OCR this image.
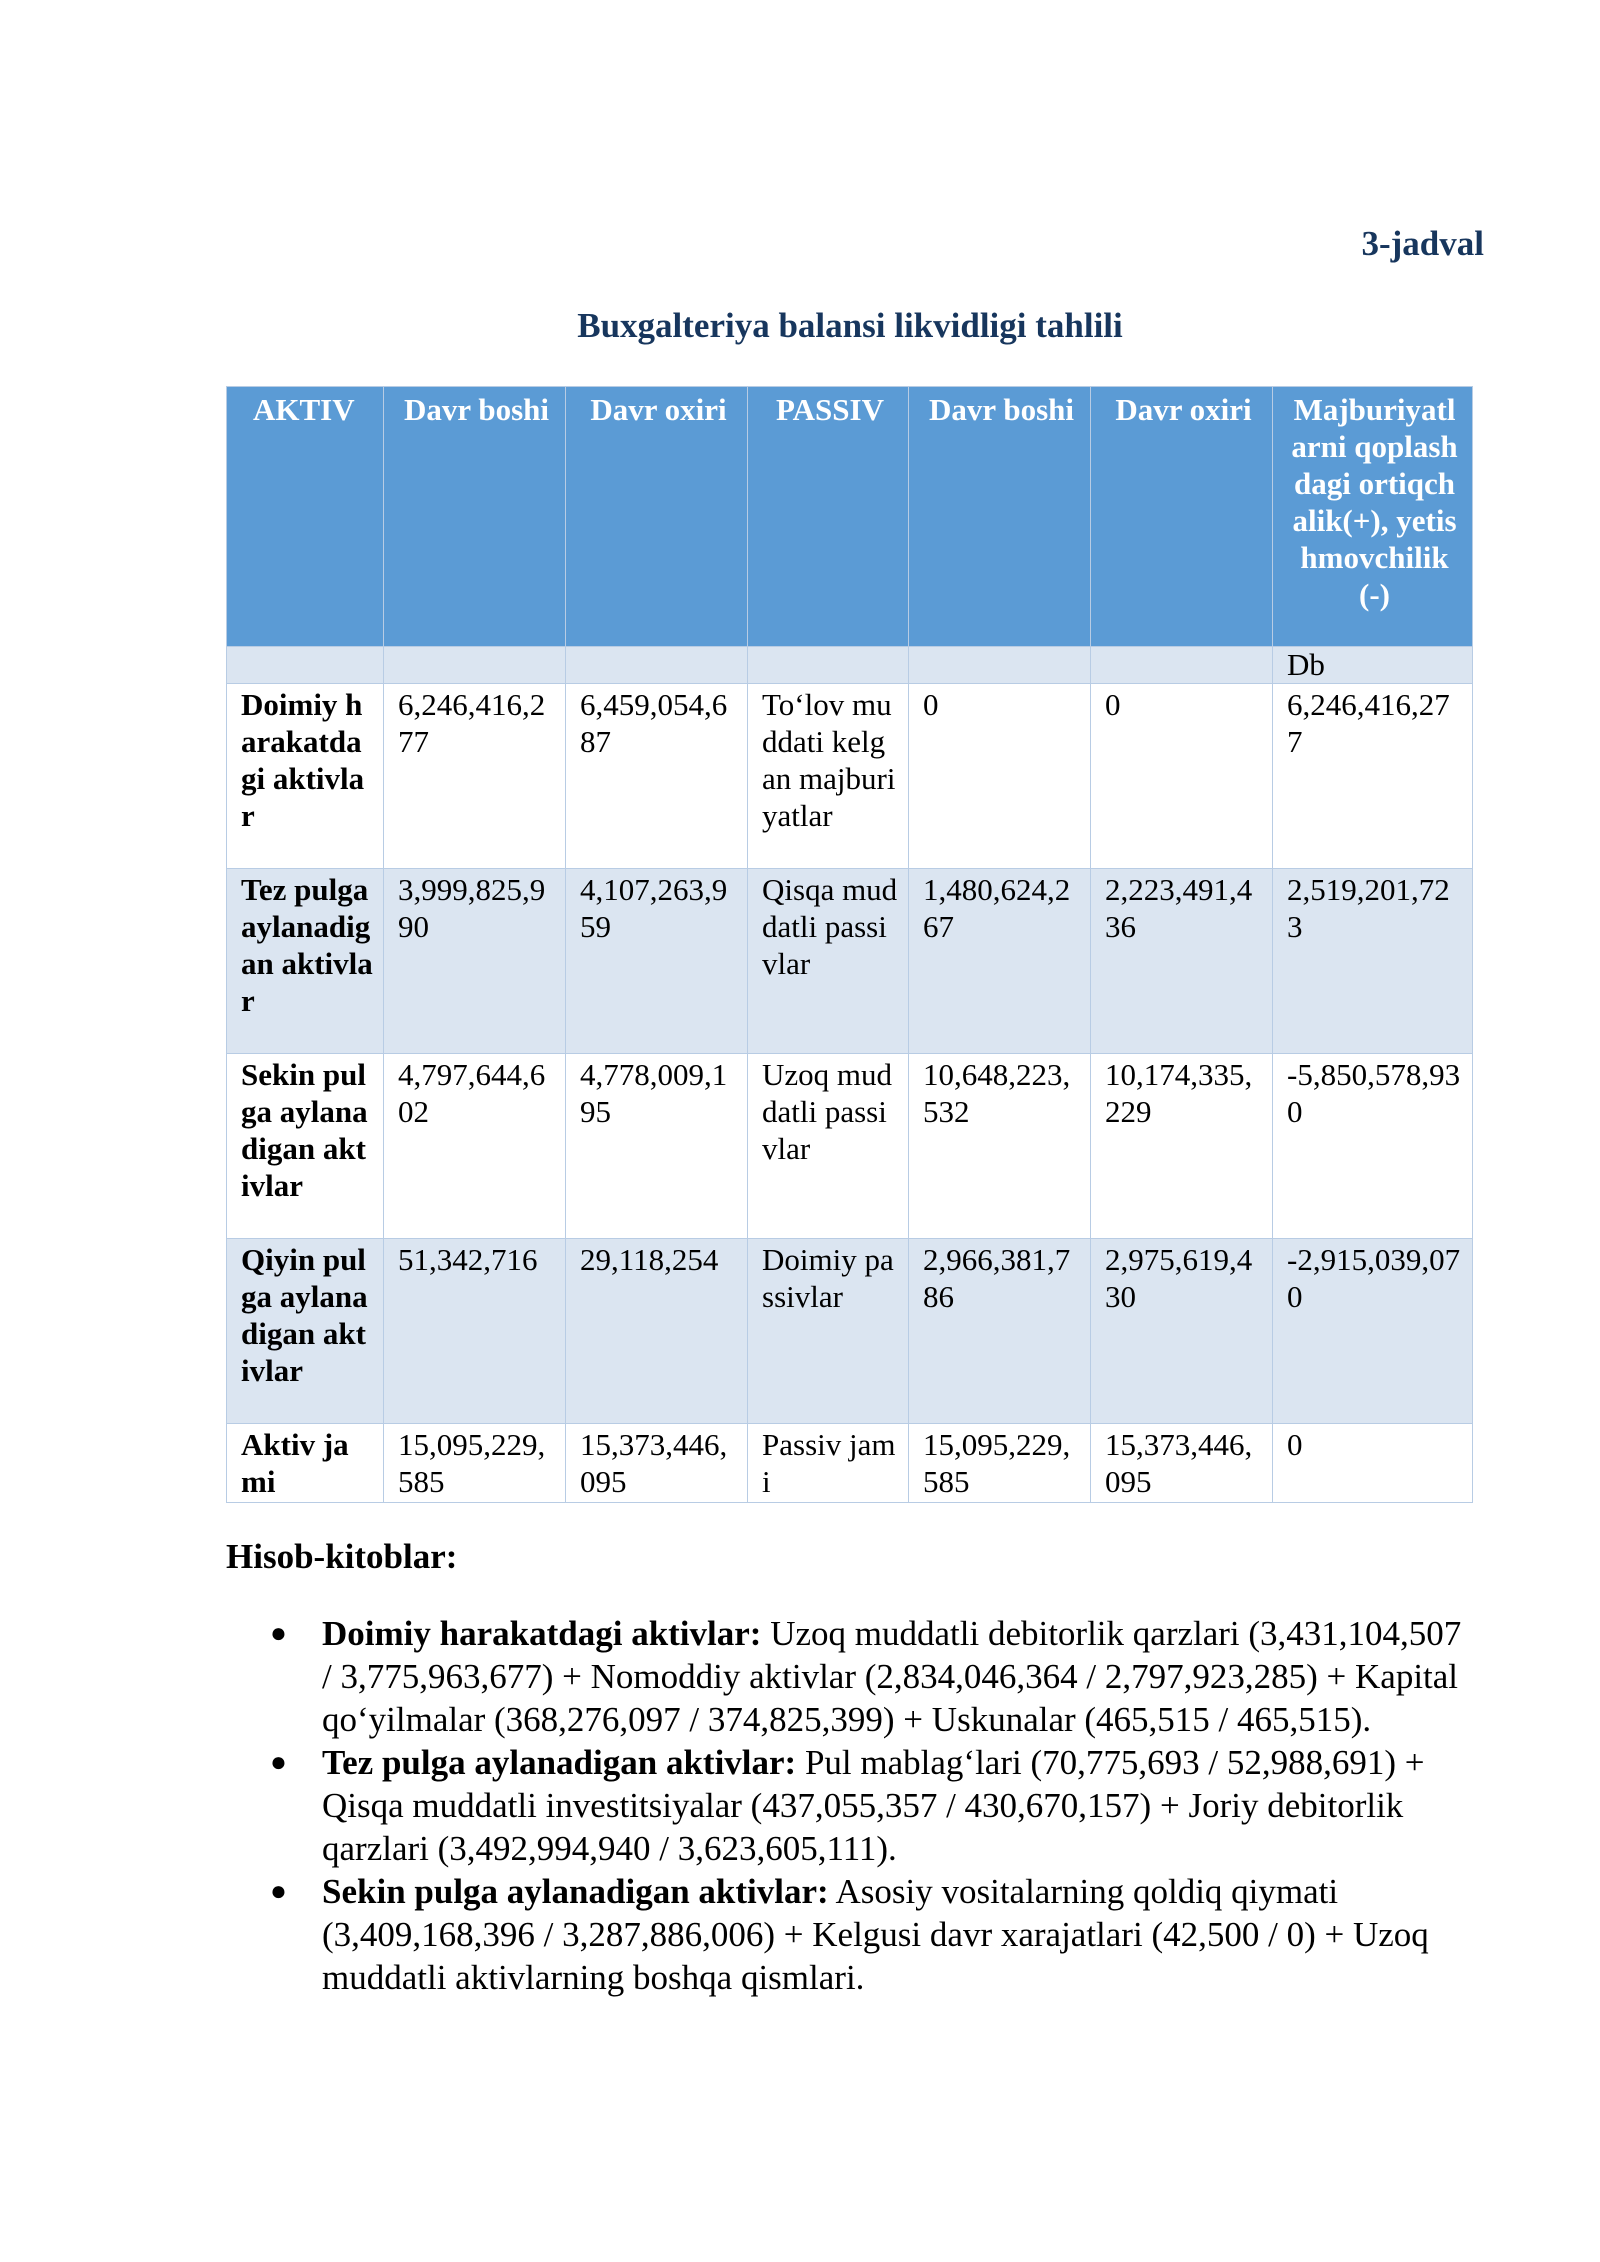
3-jadval
Buxgalteriya balansi likvidligi tahlili
AKTIV	Davr boshi	Davr oxiri	PASSIV	Davr boshi	Davr oxiri	Majburiyatlarni qoplashdagi ortiqchalik(+), yetishmovchilik (-)
						Db
Doimiy harakatdagi aktivlar	6,246,416,277	6,459,054,687	To‘lov muddati kelgan majburiyatlar	0	0	6,246,416,277
Tez pulga aylanadigan aktivlar	3,999,825,990	4,107,263,959	Qisqa muddatli passivlar	1,480,624,267	2,223,491,436	2,519,201,723
Sekin pulga aylanadigan aktivlar	4,797,644,602	4,778,009,195	Uzoq muddatli passivlar	10,648,223,532	10,174,335,229	-5,850,578,930
Qiyin pulga aylanadigan aktivlar	51,342,716	29,118,254	Doimiy passivlar	2,966,381,786	2,975,619,430	-2,915,039,070
Aktiv jami	15,095,229,585	15,373,446,095	Passiv jami	15,095,229,585	15,373,446,095	0
Hisob-kitoblar:
● Doimiy harakatdagi aktivlar: Uzoq muddatli debitorlik qarzlari (3,431,104,507 / 3,775,963,677) + Nomoddiy aktivlar (2,834,046,364 / 2,797,923,285) + Kapital qo‘yilmalar (368,276,097 / 374,825,399) + Uskunalar (465,515 / 465,515).
● Tez pulga aylanadigan aktivlar: Pul mablag‘lari (70,775,693 / 52,988,691) + Qisqa muddatli investitsiyalar (437,055,357 / 430,670,157) + Joriy debitorlik qarzlari (3,492,994,940 / 3,623,605,111).
● Sekin pulga aylanadigan aktivlar: Asosiy vositalarning qoldiq qiymati (3,409,168,396 / 3,287,886,006) + Kelgusi davr xarajatlari (42,500 / 0) + Uzoq muddatli aktivlarning boshqa qismlari.
